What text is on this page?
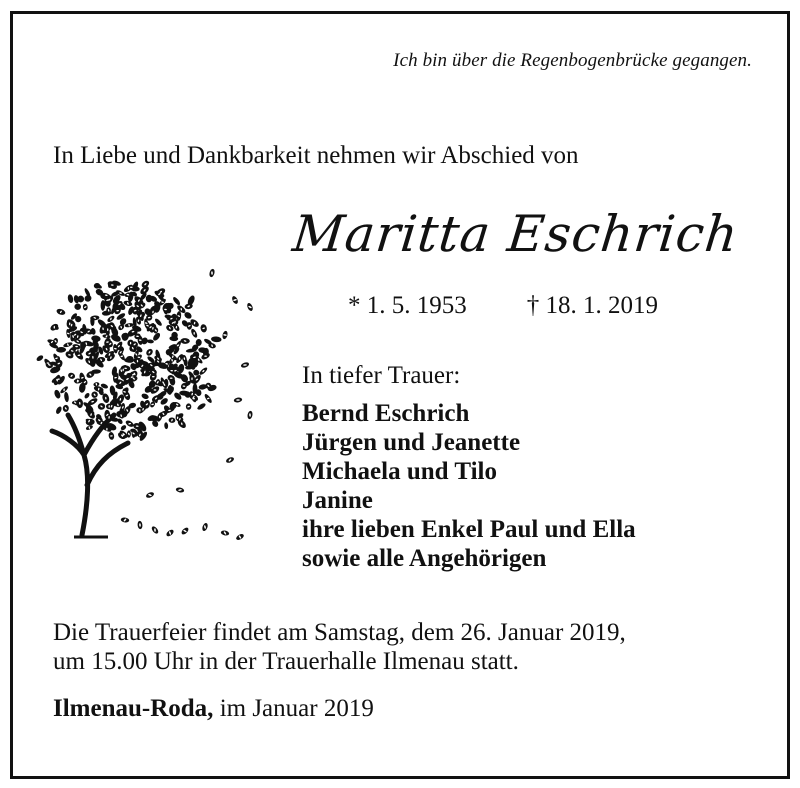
Ich bin über die Regenbogenbrücke gegangen.
In Liebe und Dankbarkeit nehmen wir Abschied von
Maritta Eschrich
* 1. 5. 1953 † 18. 1. 2019
In tiefer Trauer:
Bernd Eschrich
Jürgen und Jeanette
Michaela und Tilo
Janine
ihre lieben Enkel Paul und Ella
sowie alle Angehörigen
Die Trauerfeier findet am Samstag, dem 26. Januar 2019,
um 15.00 Uhr in der Trauerhalle Ilmenau statt.
Ilmenau-Roda, im Januar 2019
